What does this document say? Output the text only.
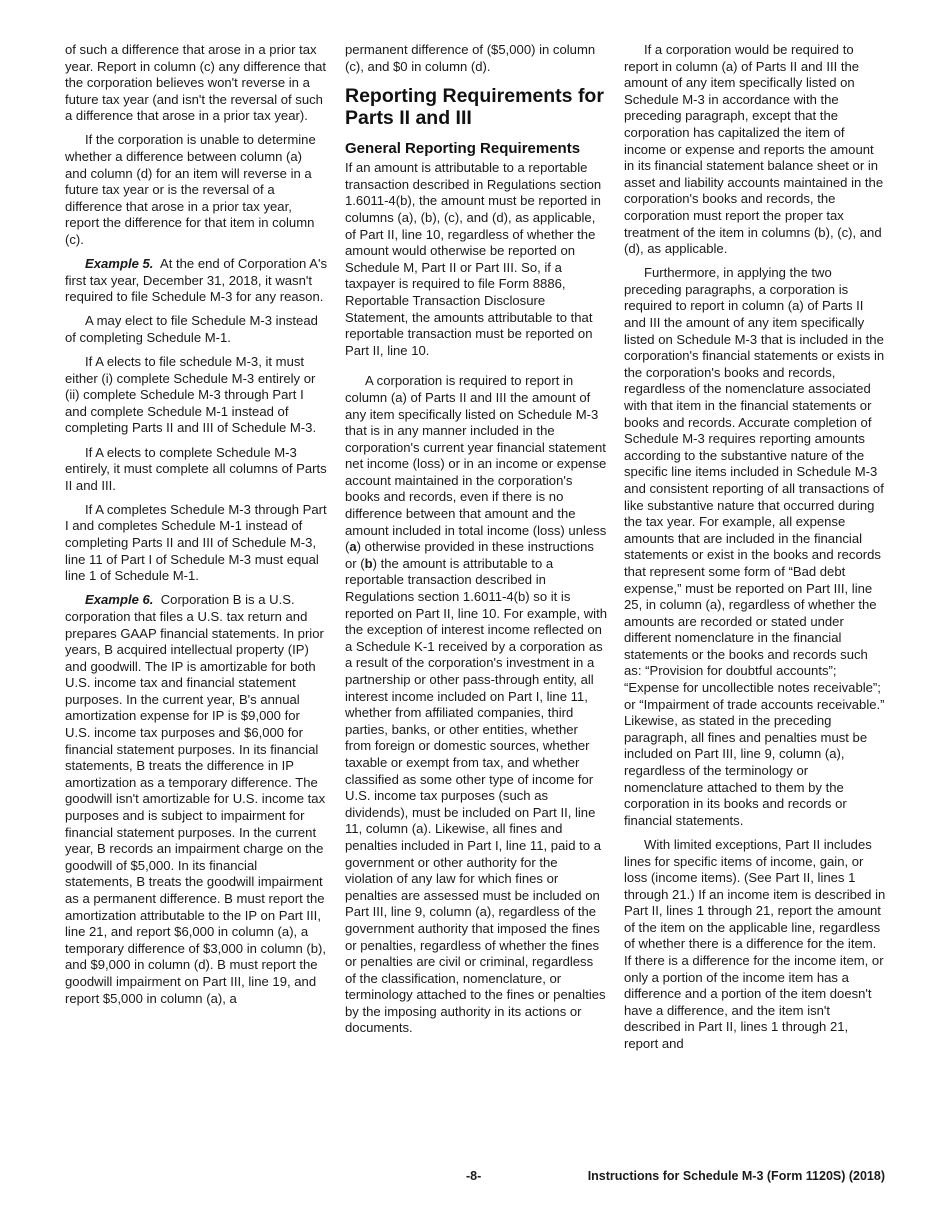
of such a difference that arose in a prior tax year. Report in column (c) any difference that the corporation believes won't reverse in a future tax year (and isn't the reversal of such a difference that arose in a prior tax year).

If the corporation is unable to determine whether a difference between column (a) and column (d) for an item will reverse in a future tax year or is the reversal of a difference that arose in a prior tax year, report the difference for that item in column (c).

Example 5. At the end of Corporation A's first tax year, December 31, 2018, it wasn't required to file Schedule M-3 for any reason.

A may elect to file Schedule M-3 instead of completing Schedule M-1.

If A elects to file schedule M-3, it must either (i) complete Schedule M-3 entirely or (ii) complete Schedule M-3 through Part I and complete Schedule M-1 instead of completing Parts II and III of Schedule M-3.

If A elects to complete Schedule M-3 entirely, it must complete all columns of Parts II and III.

If A completes Schedule M-3 through Part I and completes Schedule M-1 instead of completing Parts II and III of Schedule M-3, line 11 of Part I of Schedule M-3 must equal line 1 of Schedule M-1.

Example 6. Corporation B is a U.S. corporation that files a U.S. tax return and prepares GAAP financial statements. In prior years, B acquired intellectual property (IP) and goodwill. The IP is amortizable for both U.S. income tax and financial statement purposes. In the current year, B's annual amortization expense for IP is $9,000 for U.S. income tax purposes and $6,000 for financial statement purposes. In its financial statements, B treats the difference in IP amortization as a temporary difference. The goodwill isn't amortizable for U.S. income tax purposes and is subject to impairment for financial statement purposes. In the current year, B records an impairment charge on the goodwill of $5,000. In its financial statements, B treats the goodwill impairment as a permanent difference. B must report the amortization attributable to the IP on Part III, line 21, and report $6,000 in column (a), a temporary difference of $3,000 in column (b), and $9,000 in column (d). B must report the goodwill impairment on Part III, line 19, and report $5,000 in column (a), a

permanent difference of ($5,000) in column (c), and $0 in column (d).

Reporting Requirements for Parts II and III
General Reporting Requirements

If an amount is attributable to a reportable transaction described in Regulations section 1.6011-4(b), the amount must be reported in columns (a), (b), (c), and (d), as applicable, of Part II, line 10, regardless of whether the amount would otherwise be reported on Schedule M, Part II or Part III. So, if a taxpayer is required to file Form 8886, Reportable Transaction Disclosure Statement, the amounts attributable to that reportable transaction must be reported on Part II, line 10.

A corporation is required to report in column (a) of Parts II and III the amount of any item specifically listed on Schedule M-3 that is in any manner included in the corporation's current year financial statement net income (loss) or in an income or expense account maintained in the corporation's books and records, even if there is no difference between that amount and the amount included in total income (loss) unless (a) otherwise provided in these instructions or (b) the amount is attributable to a reportable transaction described in Regulations section 1.6011-4(b) so it is reported on Part II, line 10. For example, with the exception of interest income reflected on a Schedule K-1 received by a corporation as a result of the corporation's investment in a partnership or other pass-through entity, all interest income included on Part I, line 11, whether from affiliated companies, third parties, banks, or other entities, whether from foreign or domestic sources, whether taxable or exempt from tax, and whether classified as some other type of income for U.S. income tax purposes (such as dividends), must be included on Part II, line 11, column (a). Likewise, all fines and penalties included in Part I, line 11, paid to a government or other authority for the violation of any law for which fines or penalties are assessed must be included on Part III, line 9, column (a), regardless of the government authority that imposed the fines or penalties, regardless of whether the fines or penalties are civil or criminal, regardless of the classification, nomenclature, or terminology attached to the fines or penalties by the imposing authority in its actions or documents.

If a corporation would be required to report in column (a) of Parts II and III the amount of any item specifically listed on Schedule M-3 in accordance with the preceding paragraph, except that the corporation has capitalized the item of income or expense and reports the amount in its financial statement balance sheet or in asset and liability accounts maintained in the corporation's books and records, the corporation must report the proper tax treatment of the item in columns (b), (c), and (d), as applicable.

Furthermore, in applying the two preceding paragraphs, a corporation is required to report in column (a) of Parts II and III the amount of any item specifically listed on Schedule M-3 that is included in the corporation's financial statements or exists in the corporation's books and records, regardless of the nomenclature associated with that item in the financial statements or books and records. Accurate completion of Schedule M-3 requires reporting amounts according to the substantive nature of the specific line items included in Schedule M-3 and consistent reporting of all transactions of like substantive nature that occurred during the tax year. For example, all expense amounts that are included in the financial statements or exist in the books and records that represent some form of “Bad debt expense,” must be reported on Part III, line 25, in column (a), regardless of whether the amounts are recorded or stated under different nomenclature in the financial statements or the books and records such as: “Provision for doubtful accounts”; “Expense for uncollectible notes receivable”; or “Impairment of trade accounts receivable.” Likewise, as stated in the preceding paragraph, all fines and penalties must be included on Part III, line 9, column (a), regardless of the terminology or nomenclature attached to them by the corporation in its books and records or financial statements.

With limited exceptions, Part II includes lines for specific items of income, gain, or loss (income items). (See Part II, lines 1 through 21.) If an income item is described in Part II, lines 1 through 21, report the amount of the item on the applicable line, regardless of whether there is a difference for the item. If there is a difference for the income item, or only a portion of the income item has a difference and a portion of the item doesn't have a difference, and the item isn't described in Part II, lines 1 through 21, report and

-8-	Instructions for Schedule M-3 (Form 1120S) (2018)
